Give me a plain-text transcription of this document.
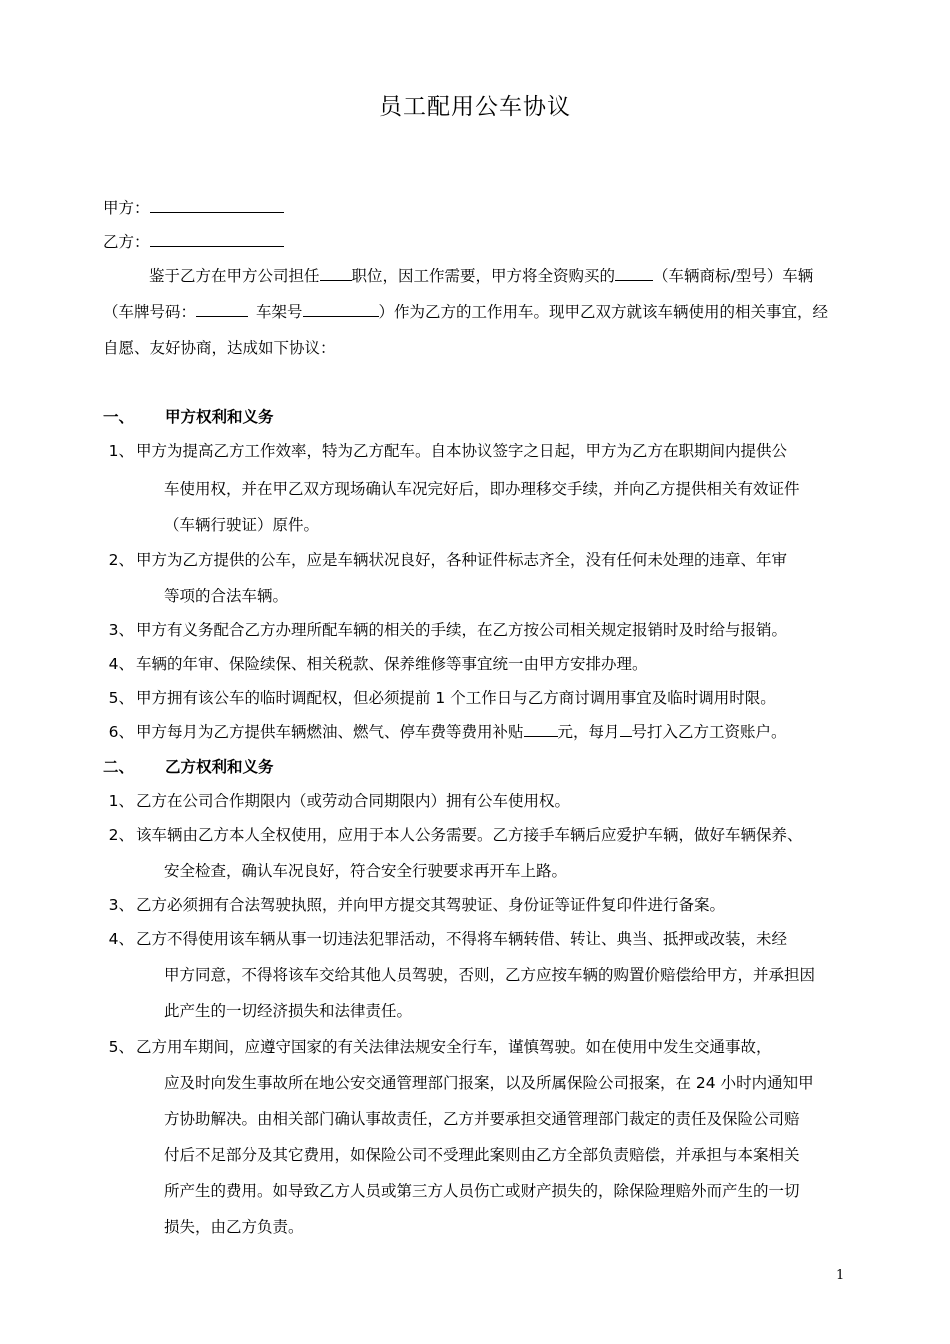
员工配用公车协议
甲方：
乙方：
鉴于乙方在甲方公司担任 职位，因工作需要，甲方将全资购买的 （车辆商标/型号）车辆
（车牌号码：	车架号	）作为乙方的工作用车。现甲乙双方就该车辆使用的相关事宜，经
自愿、友好协商，达成如下协议：
一、 甲方权利和义务
1、 甲方为提高乙方工作效率，特为乙方配车。自本协议签字之日起，甲方为乙方在职期间内提供公
车使用权，并在甲乙双方现场确认车况完好后，即办理移交手续，并向乙方提供相关有效证件
（车辆行驶证）原件。
2、 甲方为乙方提供的公车，应是车辆状况良好，各种证件标志齐全，没有任何未处理的违章、年审
等项的合法车辆。
3、 甲方有义务配合乙方办理所配车辆的相关的手续，在乙方按公司相关规定报销时及时给与报销。
4、 车辆的年审、保险续保、相关税款、保养维修等事宜统一由甲方安排办理。
5、 甲方拥有该公车的临时调配权，但必须提前 1 个工作日与乙方商讨调用事宜及临时调用时限。
6、 甲方每月为乙方提供车辆燃油、燃气、停车费等费用补贴 元，每月 号打入乙方工资账户。
二、 乙方权利和义务
1、 乙方在公司合作期限内（或劳动合同期限内）拥有公车使用权。
2、 该车辆由乙方本人全权使用，应用于本人公务需要。乙方接手车辆后应爱护车辆，做好车辆保养、
安全检查，确认车况良好，符合安全行驶要求再开车上路。
3、 乙方必须拥有合法驾驶执照，并向甲方提交其驾驶证、身份证等证件复印件进行备案。
4、 乙方不得使用该车辆从事一切违法犯罪活动，不得将车辆转借、转让、典当、抵押或改装，未经
甲方同意，不得将该车交给其他人员驾驶，否则，乙方应按车辆的购置价赔偿给甲方，并承担因
此产生的一切经济损失和法律责任。
5、 乙方用车期间，应遵守国家的有关法律法规安全行车，谨慎驾驶。如在使用中发生交通事故，
应及时向发生事故所在地公安交通管理部门报案，以及所属保险公司报案，在 24 小时内通知甲
方协助解决。由相关部门确认事故责任，乙方并要承担交通管理部门裁定的责任及保险公司赔
付后不足部分及其它费用，如保险公司不受理此案则由乙方全部负责赔偿，并承担与本案相关
所产生的费用。如导致乙方人员或第三方人员伤亡或财产损失的，除保险理赔外而产生的一切
损失，由乙方负责。
1
